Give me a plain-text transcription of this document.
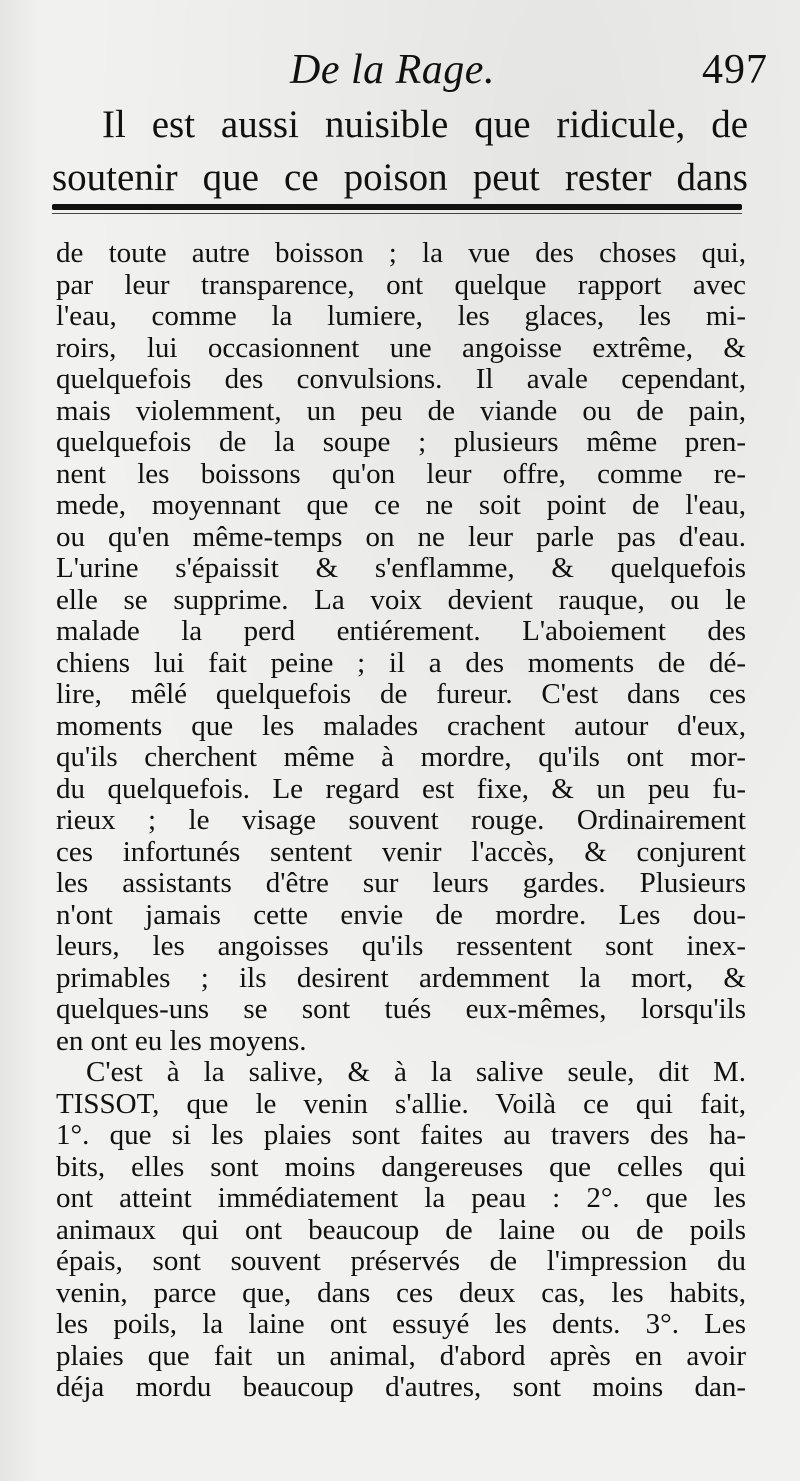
De la Rage.	497
Il est aussi nuisible que ridicule, de
soutenir que ce poison peut rester dans
de toute autre boisson ; la vue des choses qui,
par leur transparence, ont quelque rapport avec
l'eau, comme la lumiere, les glaces, les mi-
roirs, lui occasionnent une angoisse extrême, &
quelquefois des convulsions. Il avale cependant,
mais violemment, un peu de viande ou de pain,
quelquefois de la soupe ; plusieurs même pren-
nent les boissons qu'on leur offre, comme re-
mede, moyennant que ce ne soit point de l'eau,
ou qu'en même-temps on ne leur parle pas d'eau.
L'urine s'épaissit & s'enflamme, & quelquefois
elle se supprime. La voix devient rauque, ou le
malade la perd entiérement. L'aboiement des
chiens lui fait peine ; il a des moments de dé-
lire, mêlé quelquefois de fureur. C'est dans ces
moments que les malades crachent autour d'eux,
qu'ils cherchent même à mordre, qu'ils ont mor-
du quelquefois. Le regard est fixe, & un peu fu-
rieux ; le visage souvent rouge. Ordinairement
ces infortunés sentent venir l'accès, & conjurent
les assistants d'être sur leurs gardes. Plusieurs
n'ont jamais cette envie de mordre. Les dou-
leurs, les angoisses qu'ils ressentent sont inex-
primables ; ils desirent ardemment la mort, &
quelques-uns se sont tués eux-mêmes, lorsqu'ils
en ont eu les moyens.
C'est à la salive, & à la salive seule, dit M.
TISSOT, que le venin s'allie. Voilà ce qui fait,
1°. que si les plaies sont faites au travers des ha-
bits, elles sont moins dangereuses que celles qui
ont atteint immédiatement la peau : 2°. que les
animaux qui ont beaucoup de laine ou de poils
épais, sont souvent préservés de l'impression du
venin, parce que, dans ces deux cas, les habits,
les poils, la laine ont essuyé les dents. 3°. Les
plaies que fait un animal, d'abord après en avoir
déja mordu beaucoup d'autres, sont moins dan-
